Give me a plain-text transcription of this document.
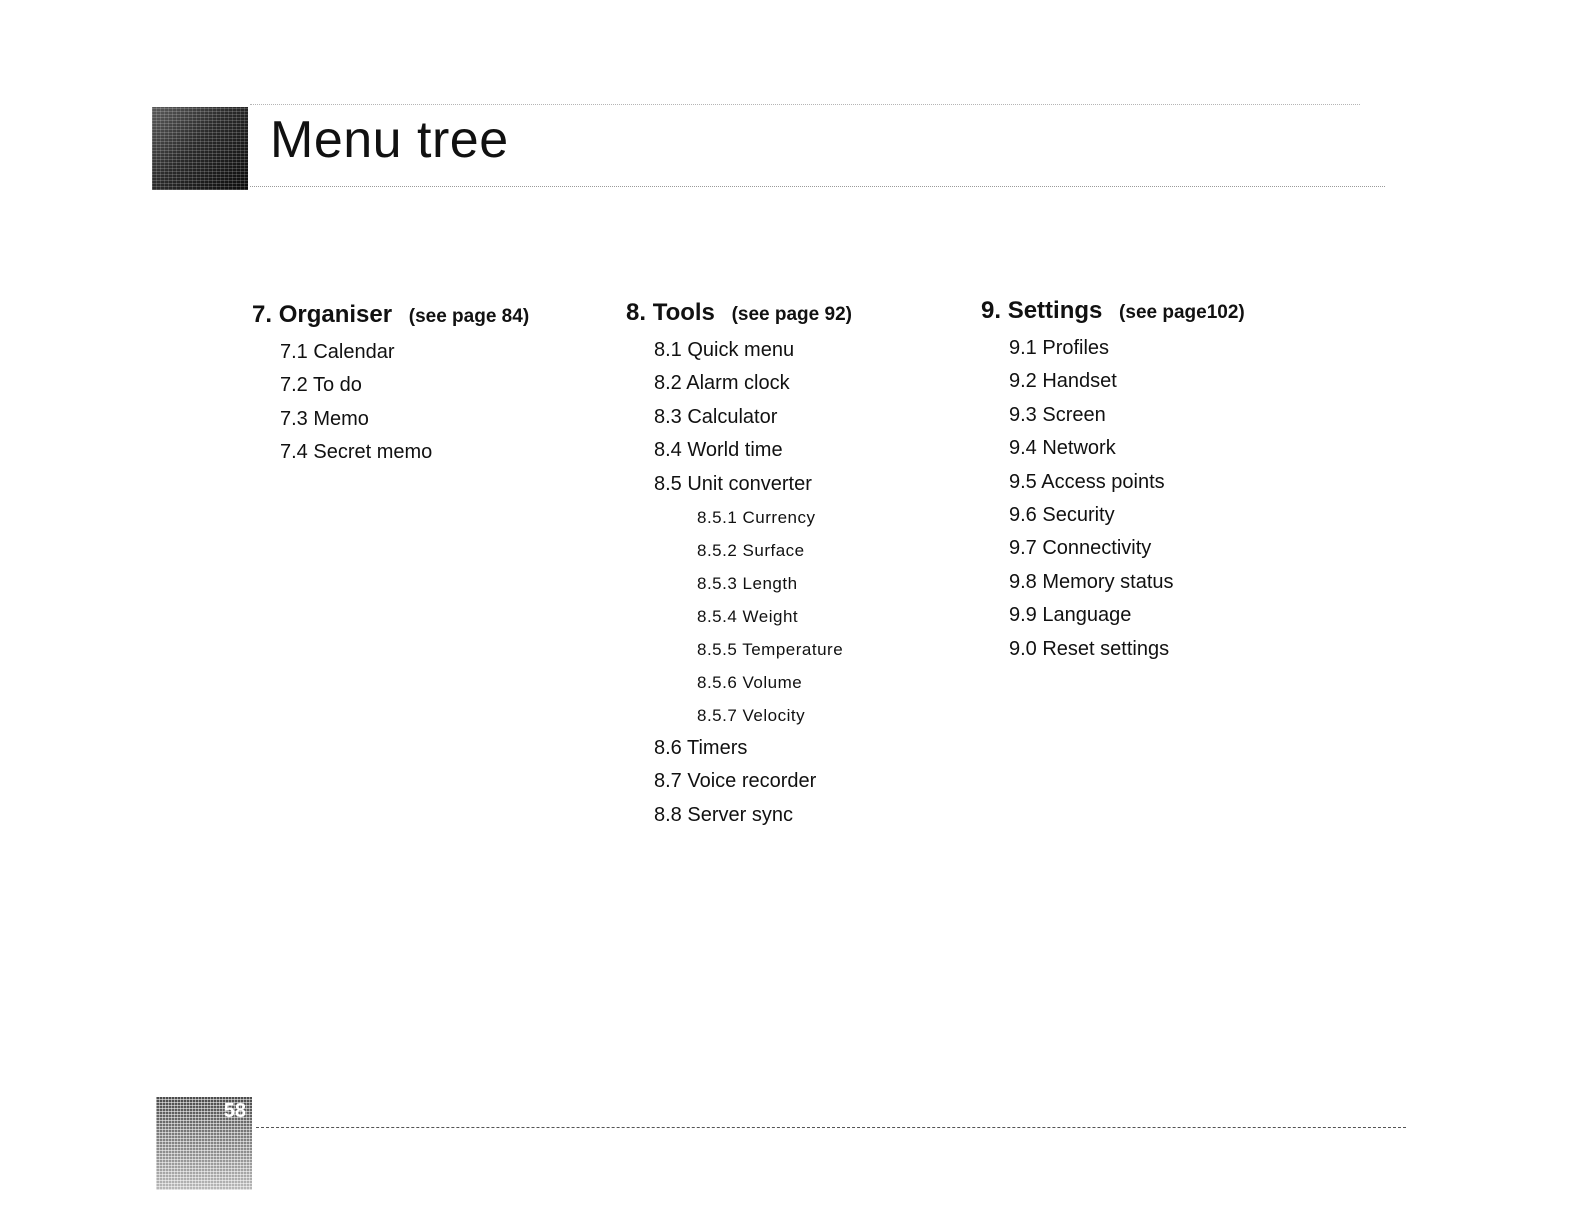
Menu tree
7. Organiser (see page 84)
7.1 Calendar
7.2 To do
7.3 Memo
7.4 Secret memo
8. Tools (see page 92)
8.1 Quick menu
8.2 Alarm clock
8.3 Calculator
8.4 World time
8.5 Unit converter
8.5.1 Currency
8.5.2 Surface
8.5.3 Length
8.5.4 Weight
8.5.5 Temperature
8.5.6 Volume
8.5.7 Velocity
8.6 Timers
8.7 Voice recorder
8.8 Server sync
9. Settings (see page102)
9.1 Profiles
9.2 Handset
9.3 Screen
9.4 Network
9.5 Access points
9.6 Security
9.7 Connectivity
9.8 Memory status
9.9 Language
9.0 Reset settings
58
